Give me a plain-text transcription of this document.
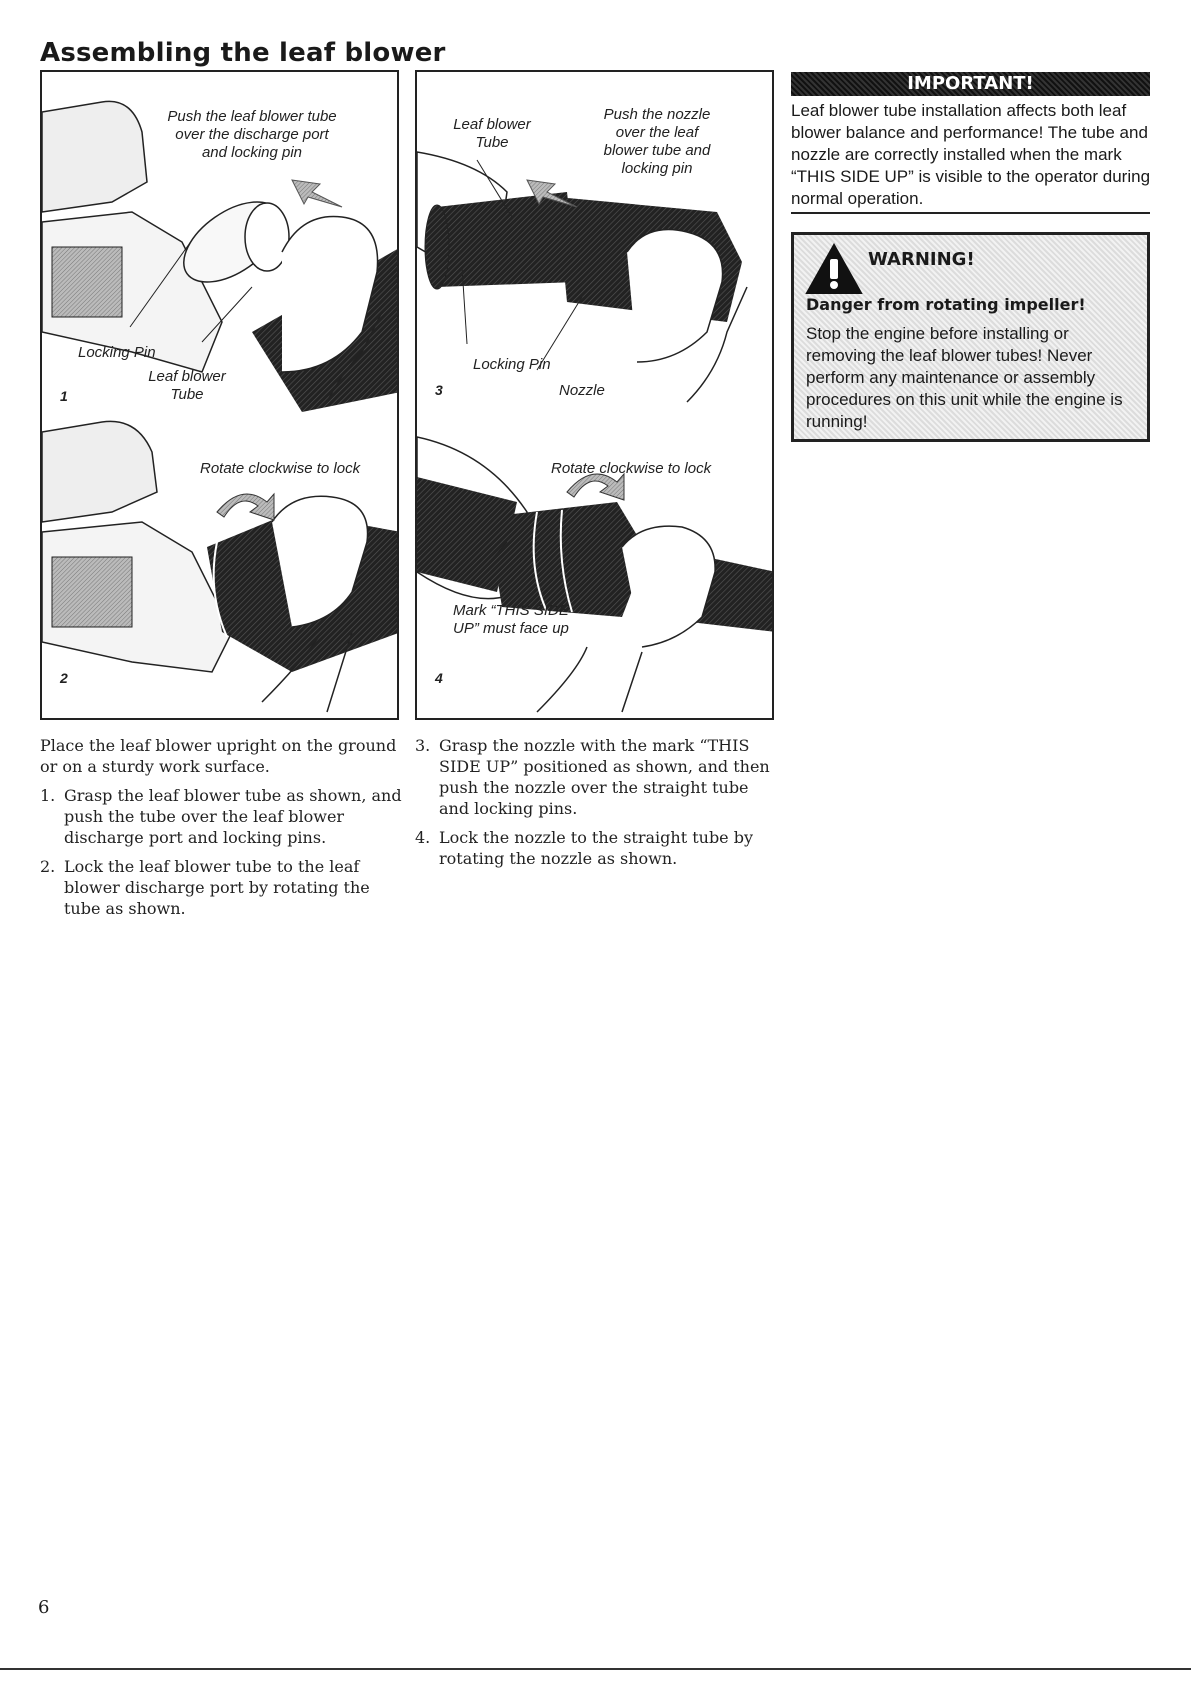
Assembling the leaf blower
Push the leaf blower tube
over the discharge port
and locking pin
Locking Pin
Leaf blower
Tube
1
Rotate clockwise to lock
2
Leaf blower
Tube
Push the nozzle
over the leaf
blower tube and
locking pin
Locking Pin
Nozzle
3
Rotate clockwise to lock
Mark “THIS SIDE
UP” must face up
4
IMPORTANT!
Leaf blower tube installation affects both leaf blower balance and performance! The tube and nozzle are correctly installed when the mark “THIS SIDE UP” is visible to the operator during normal operation.
WARNING!
Danger from rotating impeller!
Stop the engine before installing or removing the leaf blower tubes! Never perform any maintenance or assembly procedures on this unit while the engine is running!

Place the leaf blower upright on the ground or on a sturdy work surface.

1. Grasp the leaf blower tube as shown, and push the tube over the leaf blower discharge port and locking pins.
2. Lock the leaf blower tube to the leaf blower discharge port by rotating the tube as shown.
3. Grasp the nozzle with the mark “THIS SIDE UP” positioned as shown, and then push the nozzle over the straight tube and locking pins.
4. Lock the nozzle to the straight tube by rotating the nozzle as shown.
6
